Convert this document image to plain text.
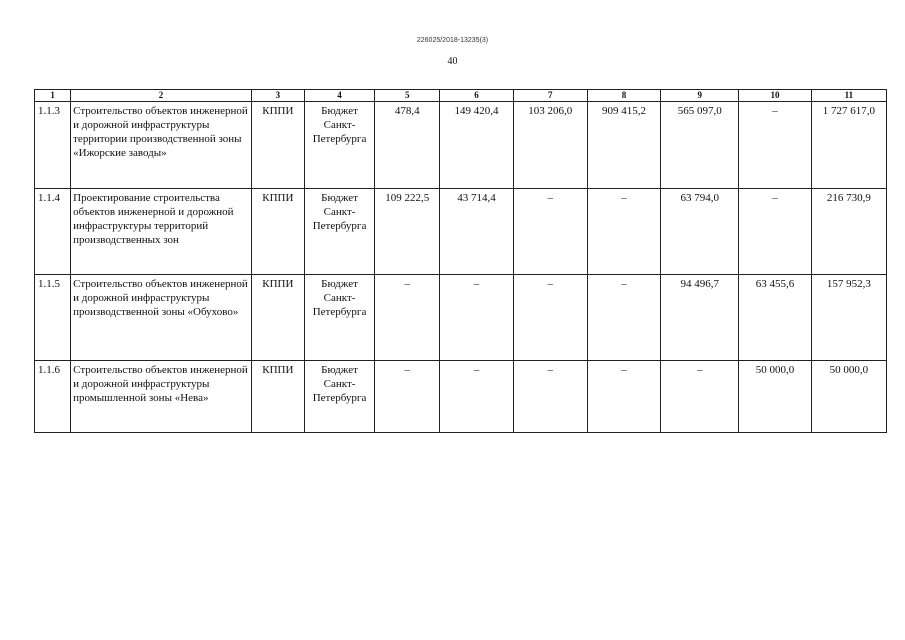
226025/2018-13235(3)
40
1	2	3	4	5	6	7	8	9	10	11
1.1.3	Строительство объектов инженерной и дорожной инфраструктуры территории производственной зоны «Ижорские заводы»	КППИ	Бюджет Санкт-Петербурга	478,4	149 420,4	103 206,0	909 415,2	565 097,0	–	1 727 617,0
1.1.4	Проектирование строительства объектов инженерной и дорожной инфраструктуры территорий производственных зон	КППИ	Бюджет Санкт-Петербурга	109 222,5	43 714,4	–	–	63 794,0	–	216 730,9
1.1.5	Строительство объектов инженерной и дорожной инфраструктуры производственной зоны «Обухово»	КППИ	Бюджет Санкт-Петербурга	–	–	–	–	94 496,7	63 455,6	157 952,3
1.1.6	Строительство объектов инженерной и дорожной инфраструктуры промышленной зоны «Нева»	КППИ	Бюджет Санкт-Петербурга	–	–	–	–	–	50 000,0	50 000,0
